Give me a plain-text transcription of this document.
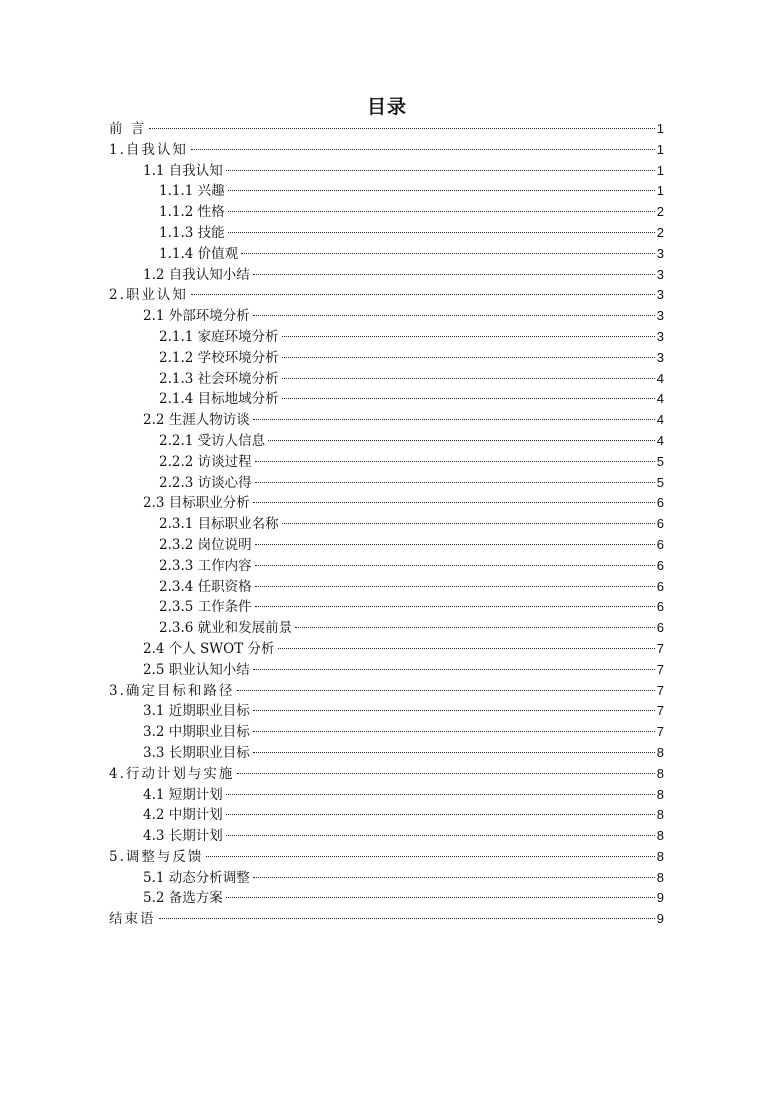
目录
前 言	1
1.自我认知	1
1.1 自我认知	1
1.1.1 兴趣	1
1.1.2 性格	2
1.1.3 技能	2
1.1.4 价值观	3
1.2 自我认知小结	3
2.职业认知	3
2.1 外部环境分析	3
2.1.1 家庭环境分析	3
2.1.2 学校环境分析	3
2.1.3 社会环境分析	4
2.1.4 目标地域分析	4
2.2 生涯人物访谈	4
2.2.1 受访人信息	4
2.2.2 访谈过程	5
2.2.3 访谈心得	5
2.3 目标职业分析	6
2.3.1 目标职业名称	6
2.3.2 岗位说明	6
2.3.3 工作内容	6
2.3.4 任职资格	6
2.3.5 工作条件	6
2.3.6 就业和发展前景	6
2.4 个人 SWOT 分析	7
2.5 职业认知小结	7
3.确定目标和路径	7
3.1 近期职业目标	7
3.2 中期职业目标	7
3.3 长期职业目标	8
4.行动计划与实施	8
4.1 短期计划	8
4.2 中期计划	8
4.3 长期计划	8
5.调整与反馈	8
5.1 动态分析调整	8
5.2 备选方案	9
结束语	9
